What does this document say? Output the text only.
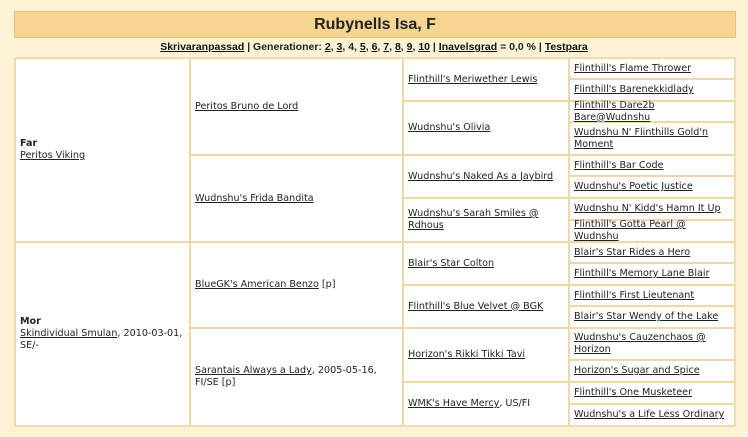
Rubynells Isa, F
Skrivaranpassad | Generationer: 2, 3, 4, 5, 6, 7, 8, 9, 10 | Inavelsgrad = 0,0 % | Testpara
Far
Peritos Viking
Mor
Skindividual Smulan, 2010-03-01, SE/-
Peritos Bruno de Lord
Wudnshu's Frida Bandita
BlueGK's American Benzo [p]
Sarantais Always a Lady, 2005-05-16, FI/SE [p]
Flinthill's Meriwether Lewis
Wudnshu's Olivia
Wudnshu's Naked As a Jaybird
Wudnshu's Sarah Smiles @ Rdhous
Blair's Star Colton
Flinthill's Blue Velvet @ BGK
Horizon's Rikki Tikki Tavi
WMK's Have Mercy, US/FI
Flinthill's Flame Thrower
Flinthill's Barenekkidlady
Flinthill's Dare2b Bare@Wudnshu
Wudnshu N' Flinthills Gold'n Moment
Flinthill's Bar Code
Wudnshu's Poetic Justice
Wudnshu N' Kidd's Hamn It Up
Flinthill's Gotta Pearl @ Wudnshu
Blair's Star Rides a Hero
Flinthill's Memory Lane Blair
Flinthill's First Lieutenant
Blair's Star Wendy of the Lake
Wudnshu's Cauzenchaos @ Horizon
Horizon's Sugar and Spice
Flinthill's One Musketeer
Wudnshu's a Life Less Ordinary
